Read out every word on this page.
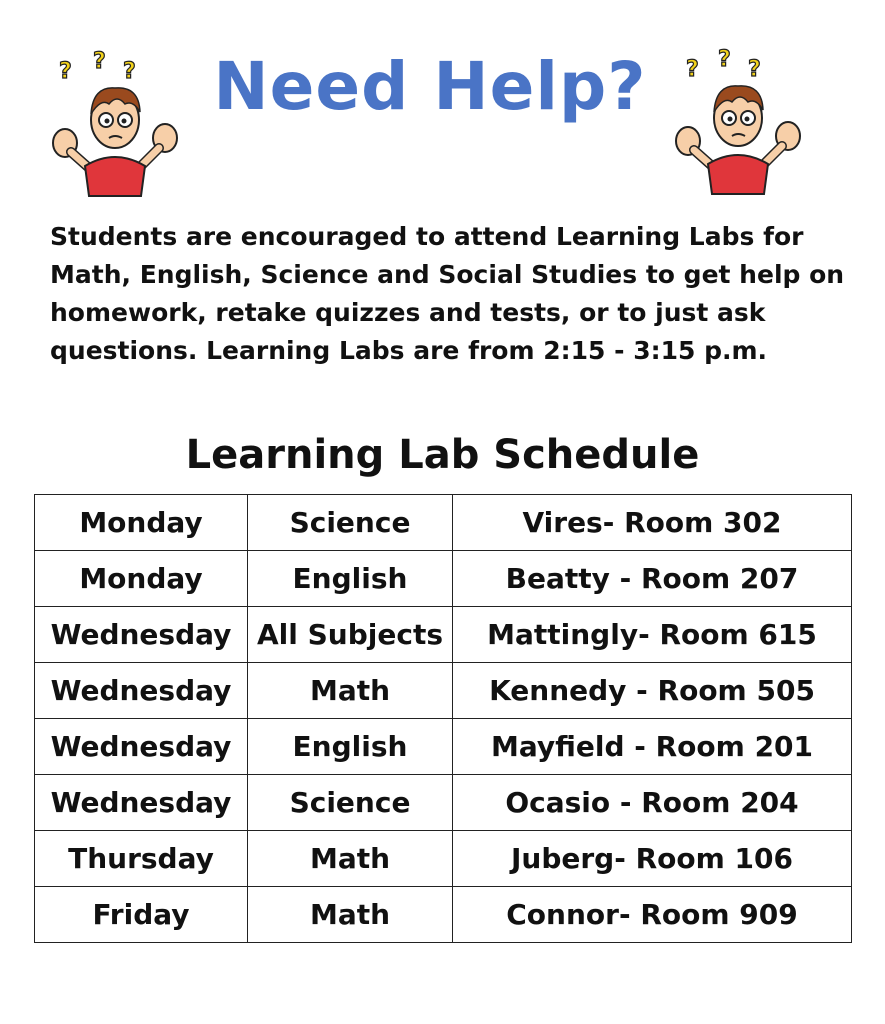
? ? ? Need Help?	? ? ?

Students are encouraged to attend Learning Labs for
Math, English, Science and Social Studies to get help on
homework, retake quizzes and tests, or to just ask
questions. Learning Labs are from 2:15 - 3:15 p.m.

Learning Lab Schedule
Monday	Science	Vires- Room 302
Monday	English	Beatty - Room 207
Wednesday	All Subjects	Mattingly- Room 615
Wednesday	Math	Kennedy - Room 505
Wednesday	English	Mayfield - Room 201
Wednesday	Science	Ocasio - Room 204
Thursday	Math	Juberg- Room 106
Friday	Math	Connor- Room 909
